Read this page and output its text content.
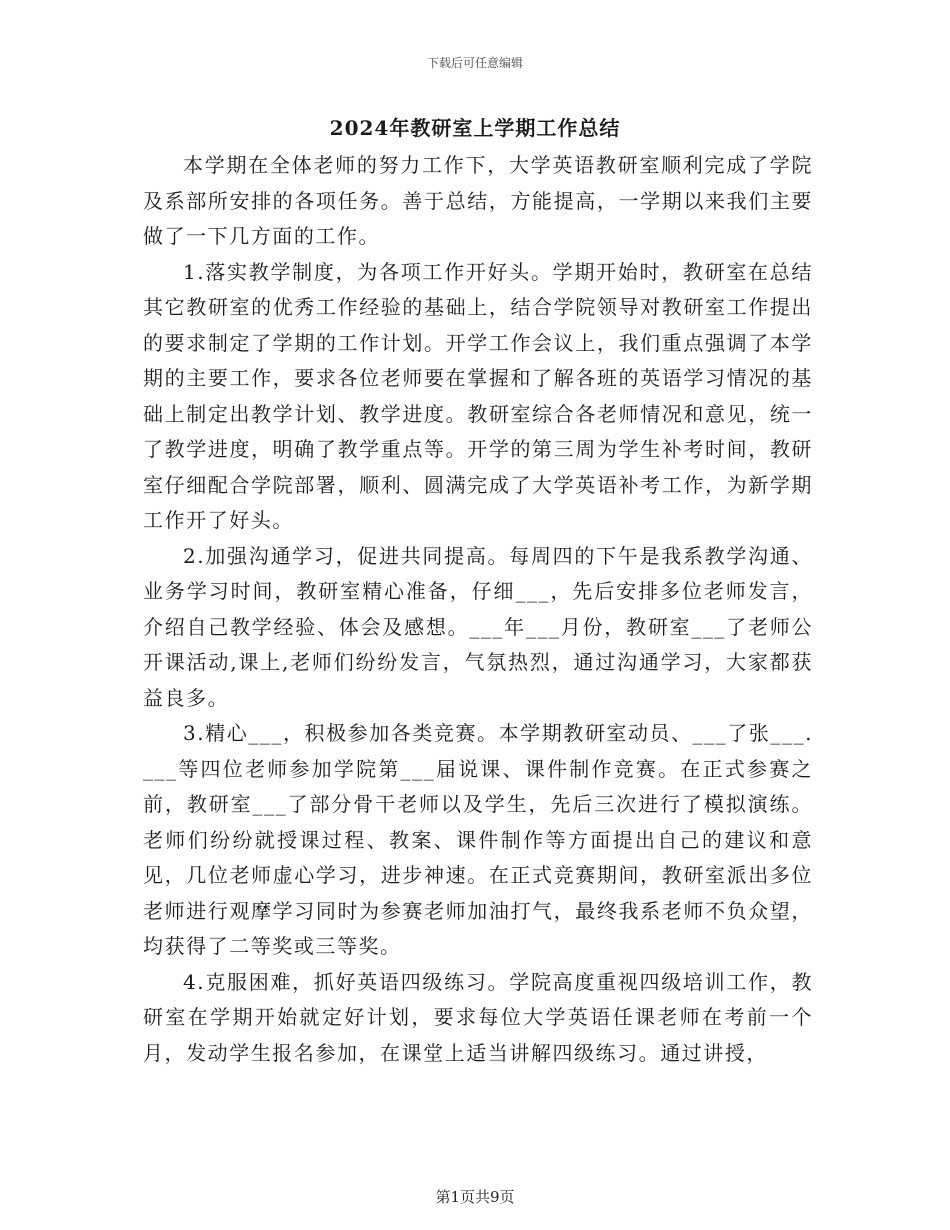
下载后可任意编辑
2024年教研室上学期工作总结

本学期在全体老师的努力工作下，大学英语教研室顺利完成了学院及系部所安排的各项任务。善于总结，方能提高，一学期以来我们主要做了一下几方面的工作。

1.落实教学制度，为各项工作开好头。学期开始时，教研室在总结其它教研室的优秀工作经验的基础上，结合学院领导对教研室工作提出的要求制定了学期的工作计划。开学工作会议上，我们重点强调了本学期的主要工作，要求各位老师要在掌握和了解各班的英语学习情况的基础上制定出教学计划、教学进度。教研室综合各老师情况和意见，统一了教学进度，明确了教学重点等。开学的第三周为学生补考时间，教研室仔细配合学院部署，顺利、圆满完成了大学英语补考工作，为新学期工作开了好头。

2.加强沟通学习，促进共同提高。每周四的下午是我系教学沟通、业务学习时间，教研室精心准备，仔细___，先后安排多位老师发言，介绍自己教学经验、体会及感想。___年___月份，教研室___了老师公开课活动,课上,老师们纷纷发言，气氛热烈，通过沟通学习，大家都获益良多。

3.精心___，积极参加各类竞赛。本学期教研室动员、___了张___.___等四位老师参加学院第___届说课、课件制作竞赛。在正式参赛之前，教研室___了部分骨干老师以及学生，先后三次进行了模拟演练。老师们纷纷就授课过程、教案、课件制作等方面提出自己的建议和意见，几位老师虚心学习，进步神速。在正式竞赛期间，教研室派出多位老师进行观摩学习同时为参赛老师加油打气，最终我系老师不负众望，均获得了二等奖或三等奖。

4.克服困难，抓好英语四级练习。学院高度重视四级培训工作，教研室在学期开始就定好计划，要求每位大学英语任课老师在考前一个月，发动学生报名参加，在课堂上适当讲解四级练习。通过讲授，

第1页共9页
